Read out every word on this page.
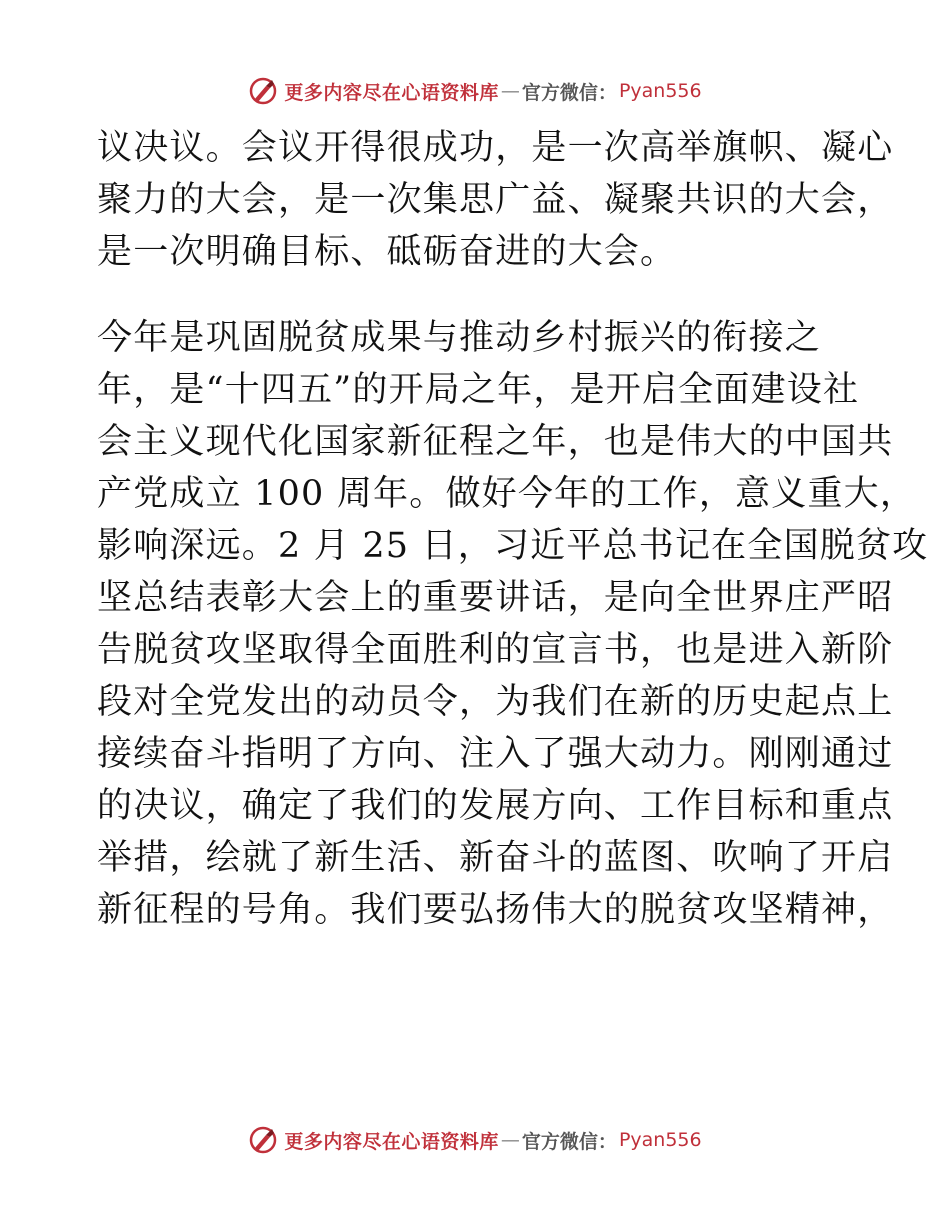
更多内容尽在心语资料库 — 官方微信： Pyan556
议决议。会议开得很成功，是一次高举旗帜、凝心
聚力的大会，是一次集思广益、凝聚共识的大会，
是一次明确目标、砥砺奋进的大会。
今年是巩固脱贫成果与推动乡村振兴的衔接之
年，是“十四五”的开局之年，是开启全面建设社
会主义现代化国家新征程之年，也是伟大的中国共
产党成立 100 周年。做好今年的工作，意义重大，
影响深远。2 月 25 日，习近平总书记在全国脱贫攻
坚总结表彰大会上的重要讲话，是向全世界庄严昭
告脱贫攻坚取得全面胜利的宣言书，也是进入新阶
段对全党发出的动员令，为我们在新的历史起点上
接续奋斗指明了方向、注入了强大动力。刚刚通过
的决议，确定了我们的发展方向、工作目标和重点
举措，绘就了新生活、新奋斗的蓝图、吹响了开启
新征程的号角。我们要弘扬伟大的脱贫攻坚精神，
更多内容尽在心语资料库 — 官方微信： Pyan556
